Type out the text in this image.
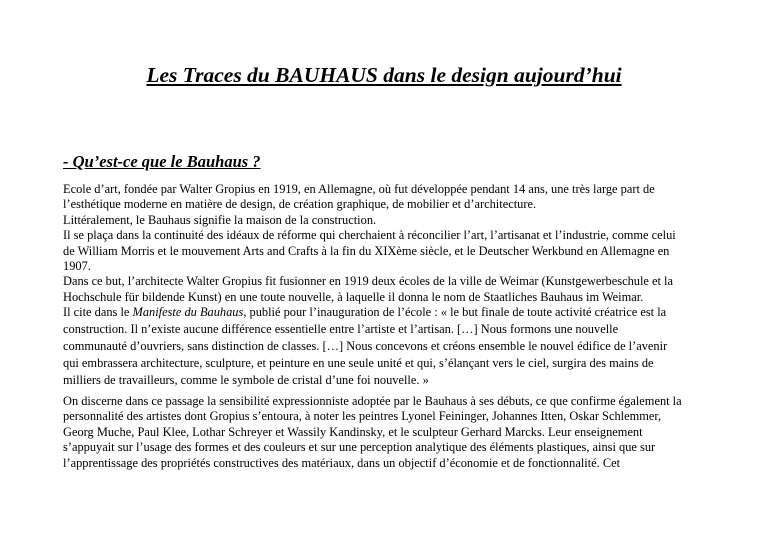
Les Traces du BAUHAUS dans le design aujourd’hui
- Qu’est-ce que le Bauhaus ?
Ecole d’art, fondée par Walter Gropius en 1919, en Allemagne, où fut développée pendant 14 ans, une très large part de
l’esthétique moderne en matière de design, de création graphique, de mobilier et d’architecture.
Littéralement, le Bauhaus signifie la maison de la construction.
Il se plaça dans la continuité des idéaux de réforme qui cherchaient à réconcilier l’art, l’artisanat et l’industrie, comme celui
de William Morris et le mouvement Arts and Crafts à la fin du XIXème siècle, et le Deutscher Werkbund en Allemagne en
1907.
Dans ce but, l’architecte Walter Gropius fit fusionner en 1919 deux écoles de la ville de Weimar (Kunstgewerbeschule et la
Hochschule für bildende Kunst) en une toute nouvelle, à laquelle il donna le nom de Staatliches Bauhaus im Weimar.
Il cite dans le Manifeste du Bauhaus, publié pour l’inauguration de l’école : « le but finale de toute activité créatrice est la
construction. Il n’existe aucune différence essentielle entre l’artiste et l’artisan. […] Nous formons une nouvelle
communauté d’ouvriers, sans distinction de classes. […] Nous concevons et créons ensemble le nouvel édifice de l’avenir
qui embrassera architecture, sculpture, et peinture en une seule unité et qui, s’élançant vers le ciel, surgira des mains de
milliers de travailleurs, comme le symbole de cristal d’une foi nouvelle. »
On discerne dans ce passage la sensibilité expressionniste adoptée par le Bauhaus à ses débuts, ce que confirme également la
personnalité des artistes dont Gropius s’entoura, à noter les peintres Lyonel Feininger, Johannes Itten, Oskar Schlemmer,
Georg Muche, Paul Klee, Lothar Schreyer et Wassily Kandinsky, et le sculpteur Gerhard Marcks. Leur enseignement
s’appuyait sur l’usage des formes et des couleurs et sur une perception analytique des éléments plastiques, ainsi que sur
l’apprentissage des propriétés constructives des matériaux, dans un objectif d’économie et de fonctionnalité. Cet
